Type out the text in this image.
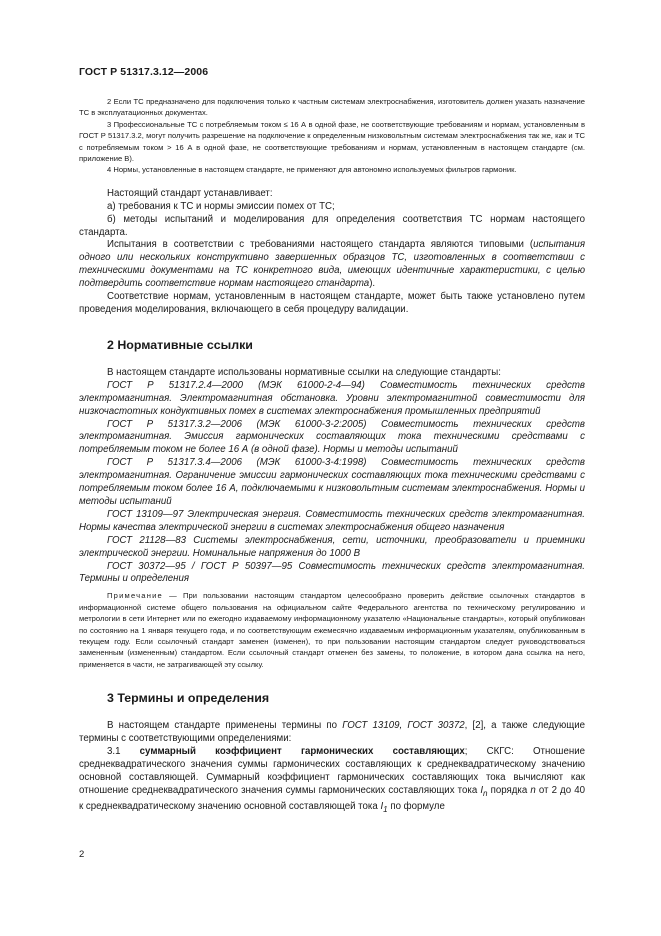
ГОСТ Р 51317.3.12—2006

2 Если ТС предназначено для подключения только к частным системам электроснабжения, изготовитель должен указать назначение ТС в эксплуатационных документах.

3 Профессиональные ТС с потребляемым током ≤ 16 А в одной фазе, не соответствующие требованиям и нормам, установленным в ГОСТ Р 51317.3.2, могут получить разрешение на подключение к определенным низковольтным системам электроснабжения так же, как и ТС с потребляемым током > 16 А в одной фазе, не соответствующие требованиям и нормам, установленным в настоящем стандарте (см. приложение В).

4 Нормы, установленные в настоящем стандарте, не применяют для автономно используемых фильтров гармоник.

Настоящий стандарт устанавливает:

а) требования к ТС и нормы эмиссии помех от ТС;

б) методы испытаний и моделирования для определения соответствия ТС нормам настоящего стандарта.

Испытания в соответствии с требованиями настоящего стандарта являются типовыми (испытания одного или нескольких конструктивно завершенных образцов ТС, изготовленных в соответствии с техническими документами на ТС конкретного вида, имеющих идентичные характеристики, с целью подтвердить соответствие нормам настоящего стандарта).

Соответствие нормам, установленным в настоящем стандарте, может быть также установлено путем проведения моделирования, включающего в себя процедуру валидации.

2 Нормативные ссылки

В настоящем стандарте использованы нормативные ссылки на следующие стандарты:

ГОСТ Р 51317.2.4—2000 (МЭК 61000-2-4—94) Совместимость технических средств электромагнитная. Электромагнитная обстановка. Уровни электромагнитной совместимости для низкочастотных кондуктивных помех в системах электроснабжения промышленных предприятий

ГОСТ Р 51317.3.2—2006 (МЭК 61000-3-2:2005) Совместимость технических средств электромагнитная. Эмиссия гармонических составляющих тока техническими средствами с потребляемым током не более 16 А (в одной фазе). Нормы и методы испытаний

ГОСТ Р 51317.3.4—2006 (МЭК 61000-3-4:1998) Совместимость технических средств электромагнитная. Ограничение эмиссии гармонических составляющих тока техническими средствами с потребляемым током более 16 А, подключаемыми к низковольтным системам электроснабжения. Нормы и методы испытаний

ГОСТ 13109—97 Электрическая энергия. Совместимость технических средств электромагнитная. Нормы качества электрической энергии в системах электроснабжения общего назначения

ГОСТ 21128—83 Системы электроснабжения, сети, источники, преобразователи и приемники электрической энергии. Номинальные напряжения до 1000 В

ГОСТ 30372—95 / ГОСТ Р 50397—95 Совместимость технических средств электромагнитная. Термины и определения

Примечание — При пользовании настоящим стандартом целесообразно проверить действие ссылочных стандартов в информационной системе общего пользования на официальном сайте Федерального агентства по техническому регулированию и метрологии в сети Интернет или по ежегодно издаваемому информационному указателю «Национальные стандарты», который опубликован по состоянию на 1 января текущего года, и по соответствующим ежемесячно издаваемым информационным указателям, опубликованным в текущем году. Если ссылочный стандарт заменен (изменен), то при пользовании настоящим стандартом следует руководствоваться замененным (измененным) стандартом. Если ссылочный стандарт отменен без замены, то положение, в котором дана ссылка на него, применяется в части, не затрагивающей эту ссылку.

3 Термины и определения

В настоящем стандарте применены термины по ГОСТ 13109, ГОСТ 30372, [2], а также следующие термины с соответствующими определениями:

3.1 суммарный коэффициент гармонических составляющих; СКГС: Отношение среднеквадратического значения суммы гармонических составляющих к среднеквадратическому значению основной составляющей. Суммарный коэффициент гармонических составляющих тока вычисляют как отношение среднеквадратического значения суммы гармонических составляющих тока $I_n$ порядка n от 2 до 40 к среднеквадратическому значению основной составляющей тока $I_1$ по формуле

2
